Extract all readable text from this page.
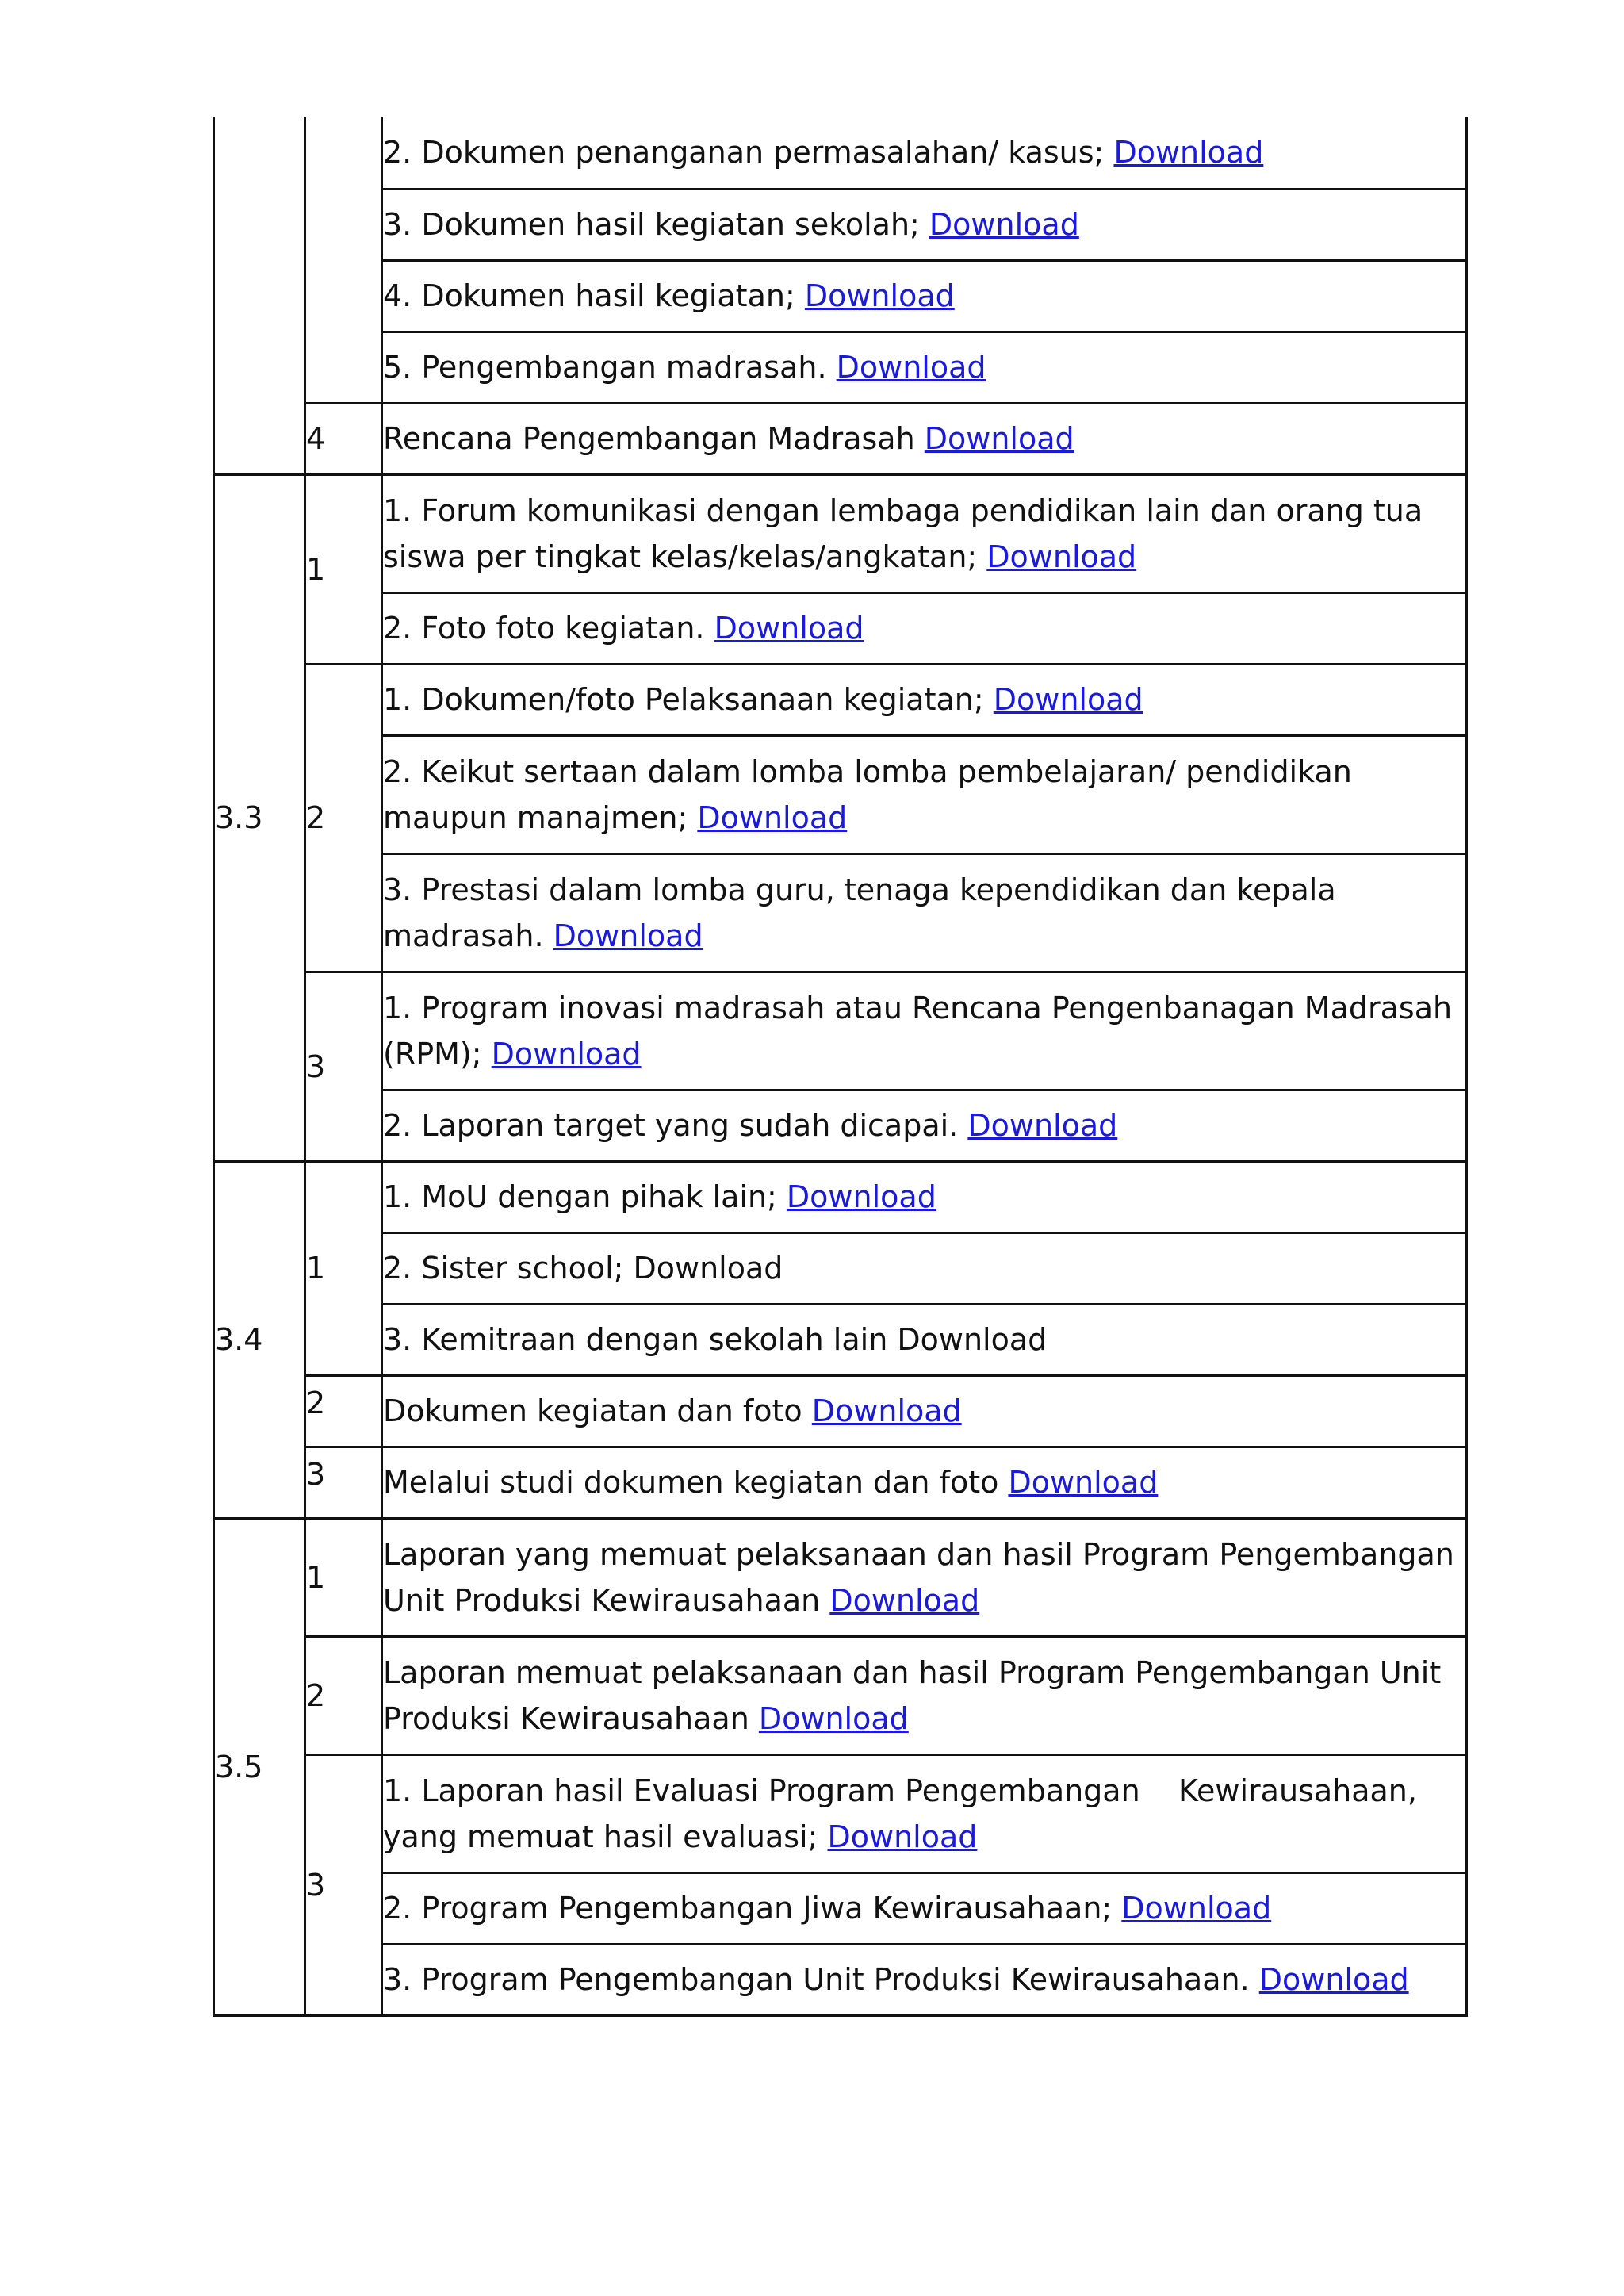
		2. Dokumen penanganan permasalahan/ kasus; Download
		3. Dokumen hasil kegiatan sekolah; Download
		4. Dokumen hasil kegiatan; Download
		5. Pengembangan madrasah. Download
	4	Rencana Pengembangan Madrasah Download
3.3	1	1. Forum komunikasi dengan lembaga pendidikan lain dan orang tua siswa per tingkat kelas/kelas/angkatan; Download
		2. Foto foto kegiatan. Download
	2	1. Dokumen/foto Pelaksanaan kegiatan; Download
		2. Keikut sertaan dalam lomba lomba pembelajaran/ pendidikan maupun manajmen; Download
		3. Prestasi dalam lomba guru, tenaga kependidikan dan kepala madrasah. Download
	3	1. Program inovasi madrasah atau Rencana Pengenbanagan Madrasah (RPM); Download
		2. Laporan target yang sudah dicapai. Download
3.4	1	1. MoU dengan pihak lain; Download
		2. Sister school; Download
		3. Kemitraan dengan sekolah lain Download
	2	Dokumen kegiatan dan foto Download
	3	Melalui studi dokumen kegiatan dan foto Download
3.5	1	Laporan yang memuat pelaksanaan dan hasil Program Pengembangan Unit Produksi Kewirausahaan Download
	2	Laporan memuat pelaksanaan dan hasil Program Pengembangan Unit Produksi Kewirausahaan Download
	3	1. Laporan hasil Evaluasi Program Pengembangan    Kewirausahaan, yang memuat hasil evaluasi; Download
		2. Program Pengembangan Jiwa Kewirausahaan; Download
		3. Program Pengembangan Unit Produksi Kewirausahaan. Download
